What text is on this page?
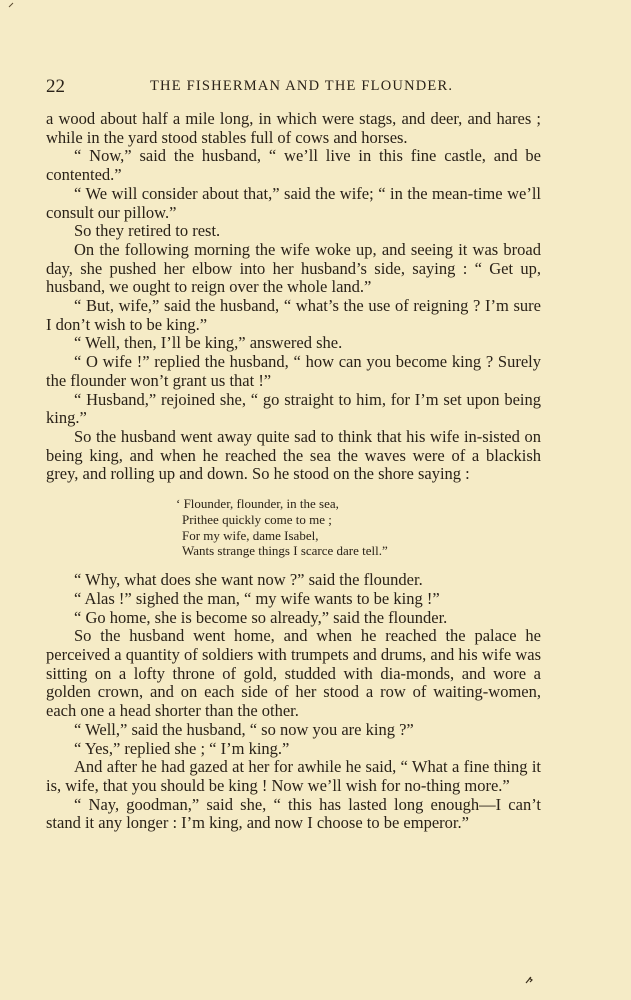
22	THE FISHERMAN AND THE FLOUNDER.

a wood about half a mile long, in which were stags, and deer, and hares ; while in the yard stood stables full of cows and horses.

“ Now,” said the husband, “ we’ll live in this fine castle, and be contented.”

“ We will consider about that,” said the wife; “ in the mean-time we’ll consult our pillow.”

So they retired to rest.

On the following morning the wife woke up, and seeing it was broad day, she pushed her elbow into her husband’s side, saying : “ Get up, husband, we ought to reign over the whole land.”

“ But, wife,” said the husband, “ what’s the use of reigning ? I’m sure I don’t wish to be king.”

“ Well, then, I’ll be king,” answered she.

“ O wife !” replied the husband, “ how can you become king ? Surely the flounder won’t grant us that !”

“ Husband,” rejoined she, “ go straight to him, for I’m set upon being king.”

So the husband went away quite sad to think that his wife in-sisted on being king, and when he reached the sea the waves were of a blackish grey, and rolling up and down. So he stood on the shore saying :

‘ Flounder, flounder, in the sea,
Prithee quickly come to me ;
For my wife, dame Isabel,
Wants strange things I scarce dare tell.”

“ Why, what does she want now ?” said the flounder.

“ Alas !” sighed the man, “ my wife wants to be king !”

“ Go home, she is become so already,” said the flounder.

So the husband went home, and when he reached the palace he perceived a quantity of soldiers with trumpets and drums, and his wife was sitting on a lofty throne of gold, studded with dia-monds, and wore a golden crown, and on each side of her stood a row of waiting-women, each one a head shorter than the other.

“ Well,” said the husband, “ so now you are king ?”

“ Yes,” replied she ; “ I’m king.”

And after he had gazed at her for awhile he said, “ What a fine thing it is, wife, that you should be king ! Now we’ll wish for no-thing more.”

“ Nay, goodman,” said she, “ this has lasted long enough—I can’t stand it any longer : I’m king, and now I choose to be emperor.”
